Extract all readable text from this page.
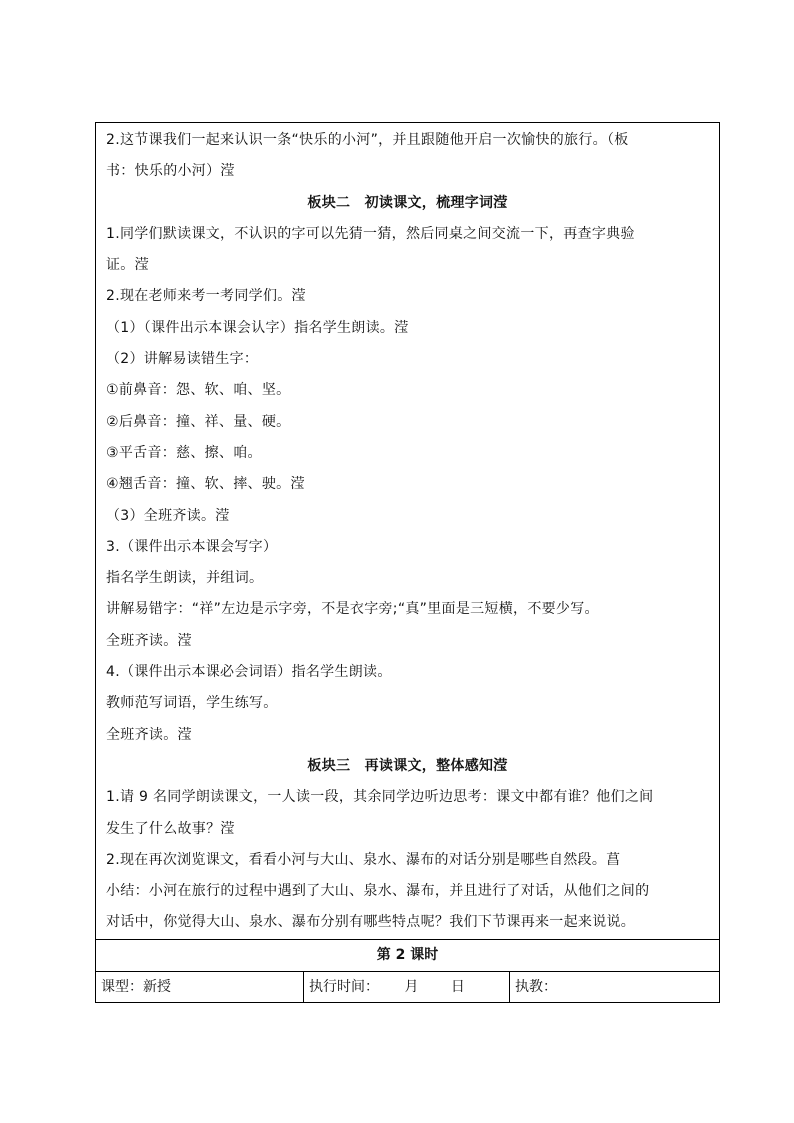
2.这节课我们一起来认识一条“快乐的小河”，并且跟随他开启一次愉快的旅行。（板

书：快乐的小河）滢

板块二　初读课文，梳理字词滢

1.同学们默读课文，不认识的字可以先猜一猜，然后同桌之间交流一下，再查字典验

证。滢

2.现在老师来考一考同学们。滢

（1）（课件出示本课会认字）指名学生朗读。滢

（2）讲解易读错生字：

①前鼻音：怨、软、咱、坚。

②后鼻音：撞、祥、量、硬。

③平舌音：慈、擦、咱。

④翘舌音：撞、软、摔、驶。滢

（3）全班齐读。滢

3.（课件出示本课会写字）

指名学生朗读，并组词。

讲解易错字：“祥”左边是示字旁，不是衣字旁;“真”里面是三短横，不要少写。

全班齐读。滢

4.（课件出示本课必会词语）指名学生朗读。

教师范写词语，学生练写。

全班齐读。滢

板块三　再读课文，整体感知滢

1.请 9 名同学朗读课文，一人读一段，其余同学边听边思考：课文中都有谁？他们之间

发生了什么故事？滢

2.现在再次浏览课文，看看小河与大山、泉水、瀑布的对话分别是哪些自然段。菖

小结：小河在旅行的过程中遇到了大山、泉水、瀑布，并且进行了对话，从他们之间的

对话中，你觉得大山、泉水、瀑布分别有哪些特点呢？我们下节课再来一起来说说。

第 2 课时
课型：新授	执行时间：　　 月　　 日	执教：
